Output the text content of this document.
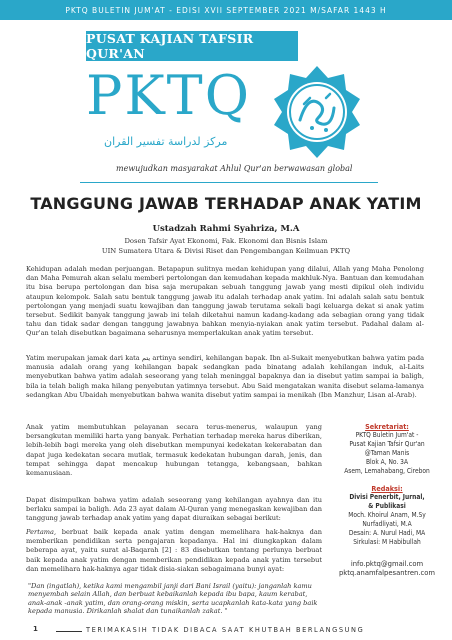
PKTQ BULETIN JUM'AT - EDISI XVII SEPTEMBER 2021 M/SAFAR 1443 H
PUSAT KAJIAN TAFSIR QUR'AN
PKTQ
مركز لدراسة تفسير القران
mewujudkan masyarakat Ahlul Qur'an berwawasan global
TANGGUNG JAWAB TERHADAP ANAK YATIM
Ustadzah Rahmi Syahriza, M.A
Dosen Tafsir Ayat Ekonomi, Fak. Ekonomi dan Bisnis Islam
UIN Sumatera Utara & Divisi Riset dan Pengembangan Keilmuan PKTQ
Kehidupan adalah medan perjuangan. Betapapun sulitnya medan kehidupan yang dilalui, Allah yang Maha Penolong dan Maha Pemurah akan selalu memberi pertolongan dan kemudahan kepada makhluk-Nya. Bantuan dan kemudahan itu bisa berupa pertolongan dan bisa saja merupakan sebuah tanggung jawab yang mesti dipikul oleh individu ataupun kelompok. Salah satu bentuk tanggung jawab itu adalah terhadap anak yatim. Ini adalah salah satu bentuk pertolongan yang menjadi suatu kewajiban dan tanggung jawab terutama sekali bagi keluarga dekat si anak yatim tersebut. Sedikit banyak tanggung jawab ini telah diketahui namun kadang-kadang ada sebagian orang yang tidak tahu dan tidak sadar dengan tanggung jawabnya bahkan menyia-nyiakan anak yatim tersebut. Padahal dalam al-Qur'an telah disebutkan bagaimana seharusnya memperlakukan anak yatim tersebut.
Yatim merupakan jamak dari kata يتم artinya sendiri, kehilangan bapak. Ibn al-Sukait menyebutkan bahwa yatim pada manusia adalah orang yang kehilangan bapak sedangkan pada binatang adalah kehilangan induk, al-Laits menyebutkan bahwa yatim adalah seseorang yang telah meninggal bapaknya dan ia disebut yatim sampai ia baligh, bila ia telah baligh maka hilang penyebutan yatimnya tersebut. Abu Said mengatakan wanita disebut selama-lamanya sedangkan Abu Ubaidah menyebutkan bahwa wanita disebut yatim sampai ia menikah (Ibn Manzhur, Lisan al-Arab).
Anak yatim membutuhkan pelayanan secara terus-menerus, walaupun yang bersangkutan memiliki harta yang banyak. Perhatian terhadap mereka harus diberikan, lebih-lebih bagi mereka yang oleh disebutkan mempunyai kedekatan kekerabatan dan dapat juga kedekatan secara mutlak, termasuk kedekatan hubungan darah, jenis, dan tempat sehingga dapat mencakup hubungan tetangga, kebangsaan, bahkan kemanusiaan.
Dapat disimpulkan bahwa yatim adalah seseorang yang kehilangan ayahnya dan itu berlaku sampai ia baligh. Ada 23 ayat dalam Al-Quran yang menegaskan kewajiban dan tanggung jawab terhadap anak yatim yang dapat diuraikan sebagai berikut:
Pertama, berbuat baik kepada anak yatim dengan memelihara hak-haknya dan memberikan pendidikan serta pengajaran kepadanya. Hal ini diungkapkan dalam beberapa ayat, yaitu surat al-Baqarah [2] : 83 disebutkan tentang perlunya berbuat baik kepada anak yatim dengan memberikan pendidikan kepada anak yatim tersebut dan memelihara hak-haknya agar tidak disia-siakan sebagaimana bunyi ayat:
"Dan (ingatlah), ketika kami mengambil janji dari Bani Israil (yaitu): janganlah kamu menyembah selain Allah, dan berbuat kebaikanlah kepada ibu bapa, kaum kerabat, anak-anak -anak yatim, dan orang-orang miskin, serta ucapkanlah kata-kata yang baik kepada manusia. Dirikanlah shalat dan tunaikanlah zakat. "
Sekretariat:
PKTQ Buletin Jum'at -
Pusat Kajian Tafsir Qur'an
@Taman Manis
Blok A, No. 3A
Asem, Lemahabang, Cirebon
Redaksi:
Divisi Penerbit, Jurnal,
& Publikasi
Moch. Khoirul Anam, M.Sy
Nurfadliyati, M.A
Desain: A. Nurul Hadi, MA
Sirkulasi: M Habibullah
info.pktq@gmail.com
pktq.anamfalpesantren.com
1	TERIMAKASIH TIDAK DIBACA SAAT KHUTBAH BERLANGSUNG
